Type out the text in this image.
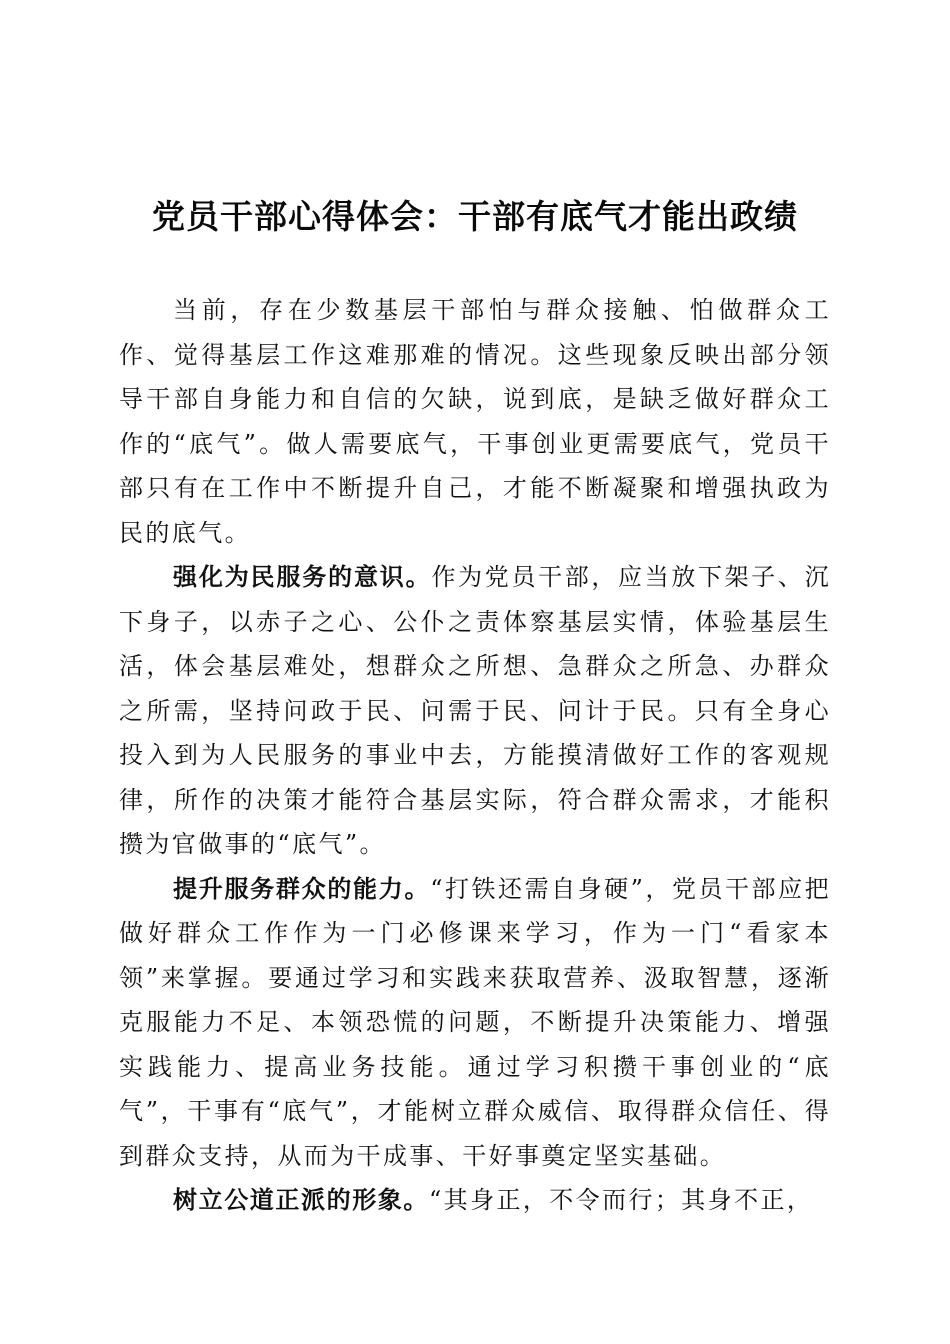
党员干部心得体会：干部有底气才能出政绩

当前，存在少数基层干部怕与群众接触、怕做群众工作、觉得基层工作这难那难的情况。这些现象反映出部分领导干部自身能力和自信的欠缺，说到底，是缺乏做好群众工作的“底气”。做人需要底气，干事创业更需要底气，党员干部只有在工作中不断提升自己，才能不断凝聚和增强执政为民的底气。

强化为民服务的意识。作为党员干部，应当放下架子、沉下身子，以赤子之心、公仆之责体察基层实情，体验基层生活，体会基层难处，想群众之所想、急群众之所急、办群众之所需，坚持问政于民、问需于民、问计于民。只有全身心投入到为人民服务的事业中去，方能摸清做好工作的客观规律，所作的决策才能符合基层实际，符合群众需求，才能积攒为官做事的“底气”。

提升服务群众的能力。“打铁还需自身硬”，党员干部应把做好群众工作作为一门必修课来学习，作为一门“看家本领”来掌握。要通过学习和实践来获取营养、汲取智慧，逐渐克服能力不足、本领恐慌的问题，不断提升决策能力、增强实践能力、提高业务技能。通过学习积攒干事创业的“底气”，干事有“底气”，才能树立群众威信、取得群众信任、得到群众支持，从而为干成事、干好事奠定坚实基础。

树立公道正派的形象。“其身正，不令而行；其身不正，
